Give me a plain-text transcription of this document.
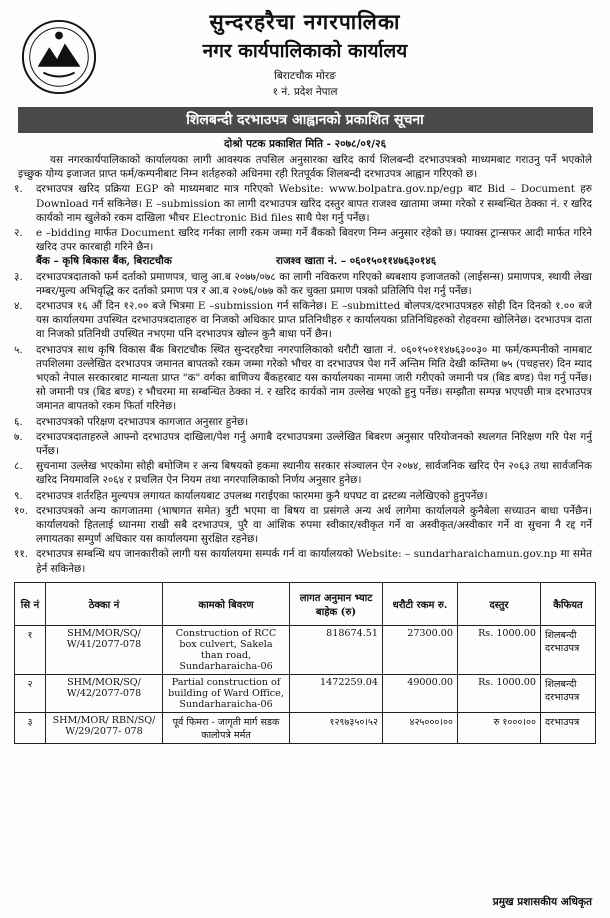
सुन्दरहरैचा नगरपालिका
नगर कार्यपालिकाको कार्यालय
बिराटचौक मोरङ
१ नं. प्रदेश नेपाल
शिलबन्दी दरभाउपत्र आह्वानको प्रकाशित सूचना
दोश्रो पटक प्रकाशित मिति - २०७८/०१/२६

यस नगरकार्यपालिकाको कार्यालयका लागी आवस्यक तपसिल अनुसारका खरिद कार्य शिलबन्दी दरभाउपत्रको माध्यमबाट गराउनु पर्ने भएकोले इच्छुक योग्य इजाजत प्राप्त फर्म/कम्पनीबाट निम्न शर्तहरुको अधिनमा रही रितपूर्वक शिलबन्दी दरभाउपत्र आह्वान गरिएको छ।

१.	दरभाउपत्र खरिद प्रक्रिया EGP को माध्यमबाट मात्र गरिएको Website: www.bolpatra.gov.np/egp बाट Bid – Document हरु Download गर्न सकिनेछ। E –submission का लागी दरभाउपत्र खरिद दस्तुर बापत राजश्व खातामा जम्मा गरेको र सम्बन्धित ठेक्का नं. र खरिद कार्यको नाम खुलेको रकम दाखिला भौचर Electronic Bid files साथै पेश गर्नु पर्नेछ।
२.	e –bidding मार्फत Document खरिद गर्नका लागी रकम जम्मा गर्ने बैंकको बिवरण निम्न अनुसार रहेको छ। फ्याक्स ट्रान्सफर आदी मार्फत गरिने खरिद उपर कारबाही गरिने छैन।
बैंक – कृषि बिकास बैंक, बिराटचौक	राजश्व खाता नं. – ०६०१५०११४७६३०१४६
३.	दरभाउपत्रदाताको फर्म दर्ताको प्रमाणपत्र, चालु आ.ब २०७७/०७८ का लागी नविकरण गरिएको ब्यबशाय इजाजतको (लाईसन्स) प्रमाणपत्र, स्थायी लेखा नम्बर/मुल्य अभिवृद्धि कर दर्ताको प्रमाण पत्र र आ.ब २०७६/०७७ को कर चुक्ता प्रमाण पत्रको प्रतिलिपि पेश गर्नु पर्नेछ।
४.	दरभाउपत्र १६ औं दिन १२.०० बजे भित्रमा E –submission गर्न सकिनेछ। E –submitted बोलपत्र/दरभाउपत्रहरु सोही दिन दिनको १.०० बजे यस कार्यालयमा उपस्थित दरभाउपत्रदाताहरु वा निजको अधिकार प्राप्त प्रतिनिधीहरु र कार्यालयका प्रतिनिधिहरुको रोहवरमा खोलिनेछ। दरभाउपत्र दाता वा निजको प्रतिनिधी उपस्थित नभएमा पनि दरभाउपत्र खोल्न कुनै बाधा पर्ने छैन।
५.	दरभाउपत्र साथ कृषि विकास बैंक बिराटचौक स्थित सुन्दरहरैचा नगरपालिकाको धरौटी खाता नं. ०६०१५०११४७६३००३० मा फर्म/कम्पनीको नामबाट तपशिलमा उल्लेखित दरभाउपत्र जमानत बापतको रकम जम्मा गरेको भौचर वा दरभाउपत्र पेश गर्ने अन्तिम मिति देखी कम्तिमा ७५ (पचहत्तर) दिन म्याद भएको नेपाल सरकारबाट मान्यता प्राप्त "क" वर्गका बाणिज्य बैंकहरबाट यस कार्यालयका नाममा जारी गरीएको जमानी पत्र (बिड बण्ड) पेश गर्नु पर्नेछ। सो जमानी पत्र (बिड बण्ड) र भौचरमा मा सम्बन्धित ठेक्का नं. र खरिद कार्यको नाम उल्लेख भएको हुनु पर्नेछ। सम्झौता सम्पन्न भएपछी मात्र दरभाउपत्र जमानत बापतको रकम फिर्ता गरिनेछ।
६.	दरभाउपत्रको परिक्षण दरभाउपत्र कागजात अनुसार हुनेछ।
७.	दरभाउपत्रदाताहरुले आफ्नो दरभाउपत्र दाखिला/पेश गर्नु अगाबै दरभाउपत्रमा उल्लेखित बिबरण अनुसार परियोजनको स्थलगत निरिक्षण गरि पेश गर्नु पर्नेछ।
८.	सुचनामा उल्लेख भएकोमा सोही बमोजिम र अन्य बिषयको हकमा स्थानीय सरकार संञ्चालन ऐन २०७४, सार्वजनिक खरिद ऐन २०६३ तथा सार्वजनिक खरिद नियमावलि २०६४ र प्रचलित ऐन नियम तथा नगरपालिकाको निर्णय अनुसार हुनेछ।
९.	दरभाउपत्र शर्तरहित मुल्यपत्र लगायत कार्यालयबाट उपलब्ध गराईएका फारममा कुनै थपघट वा द्रस्टब्य नलेखिएको हुनुपर्नेछ।
१०. दरभाउपत्रको अन्य कागजातमा (भाषागत समेत) त्रुटी भएमा वा बिषय वा प्रसंगले अन्य अर्थ लागेमा कार्यालयले कुनैबेला सच्याउन बाधा पर्नेछैन। कार्यालयको हितलाई ध्यानमा राखी सबै दरभाउपत्र, पुरै वा आंशिक रुपमा स्वीकार/स्वीकृत गर्ने वा अस्वीकृत/अस्वीकार गर्ने वा सुचना नै रद्द गर्ने लगायतका सम्पुर्ण अधिकार यस कार्यालयमा सुरक्षित रहनेछ।
११. दरभाउपत्र सम्बन्धि थप जानकारीको लागी यस कार्यालयमा सम्पर्क गर्न वा कार्यालयको Website: – sundarharaichamun.gov.np मा समेत हेर्न सकिनेछ।
सि नं	ठेक्का नं	कामको बिवरण	लागत अनुमान भ्याट बाहेक (रु)	धरौटी रकम रु.	दस्तुर	कैफियत
१	SHM/MOR/SQ/ W/41/2077-078	Construction of RCC box culvert, Sakela than road, Sundarharaicha-06	818674.51	27300.00	Rs. 1000.00	शिलबन्दी दरभाउपत्र
२	SHM/MOR/SQ/ W/42/2077-078	Partial construction of building of Ward Office, Sundarharaicha-06	1472259.04	49000.00	Rs. 1000.00	शिलबन्दी दरभाउपत्र
३	SHM/MOR/ RBN/SQ/ W/29/2077- 078	पूर्व फिमरा - जागृती मार्ग सडक कालोपत्रे मर्मत	१२९७३५०।५२	४२५०००।००	रु १०००।००	दरभाउपत्र
प्रमुख प्रशासकीय अधिकृत
